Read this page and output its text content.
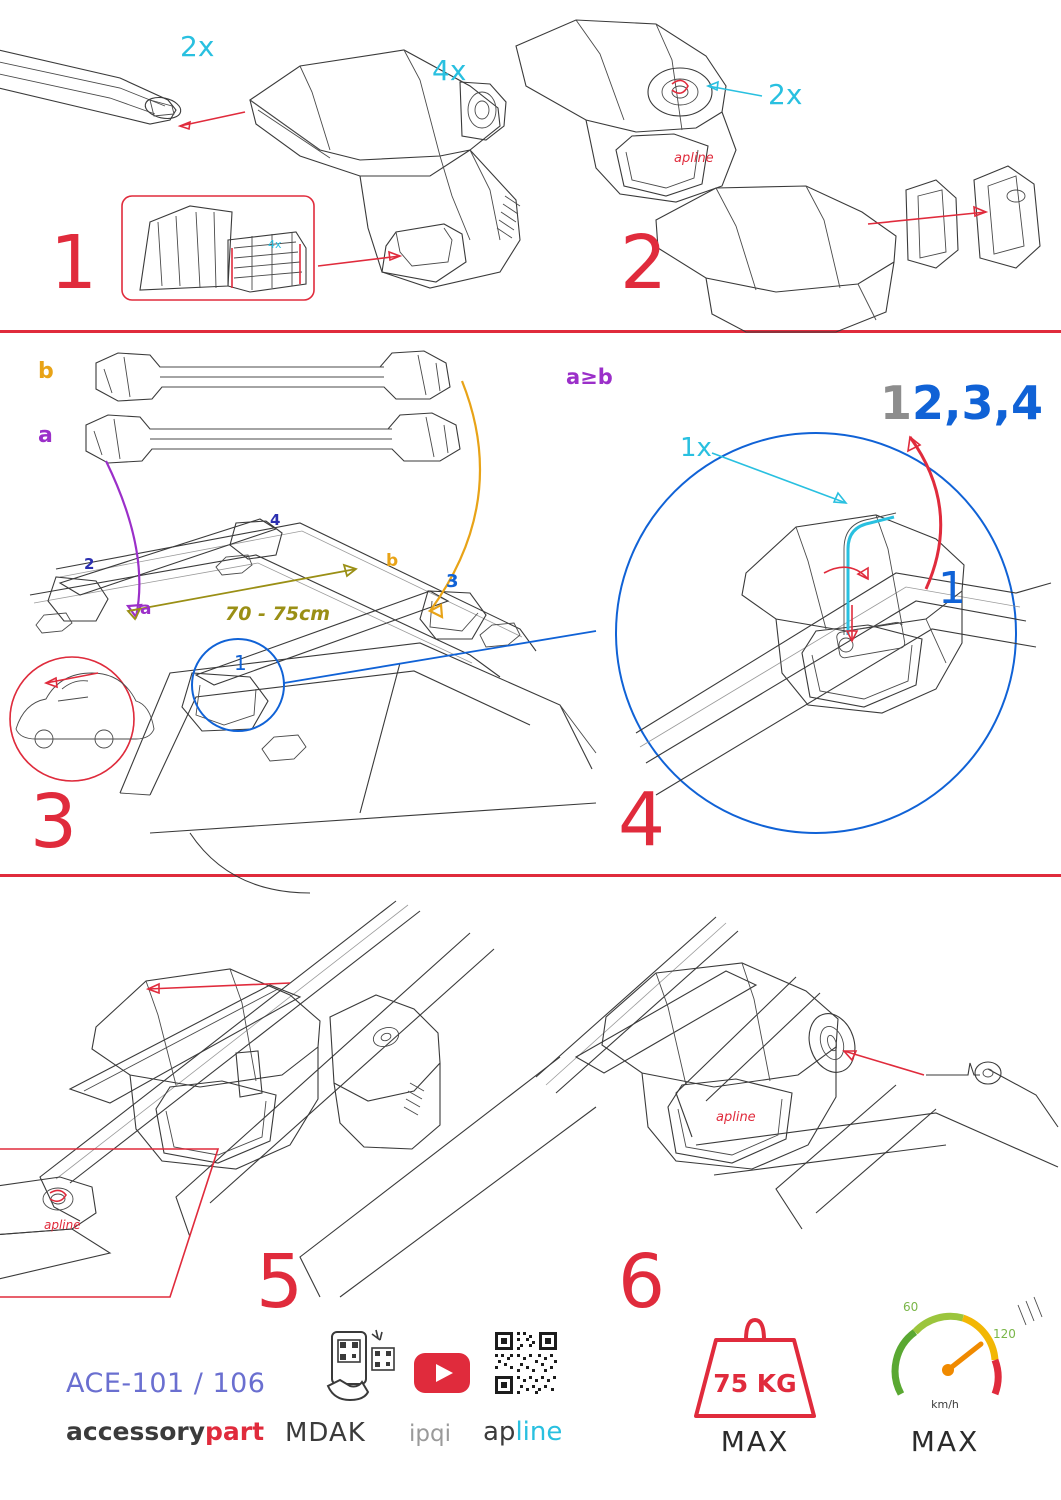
4x
2x
4x
1
apline
2x
2
b
a
a
b
1
2
3
4
70 - 75cm
3
a≥b
1x
4
12,3,4
1
apline
5
apline
6
ACE-101 / 106
accessorypart MDAK ipqi apline
75 KG
MAX
60
120
km/h
MAX
